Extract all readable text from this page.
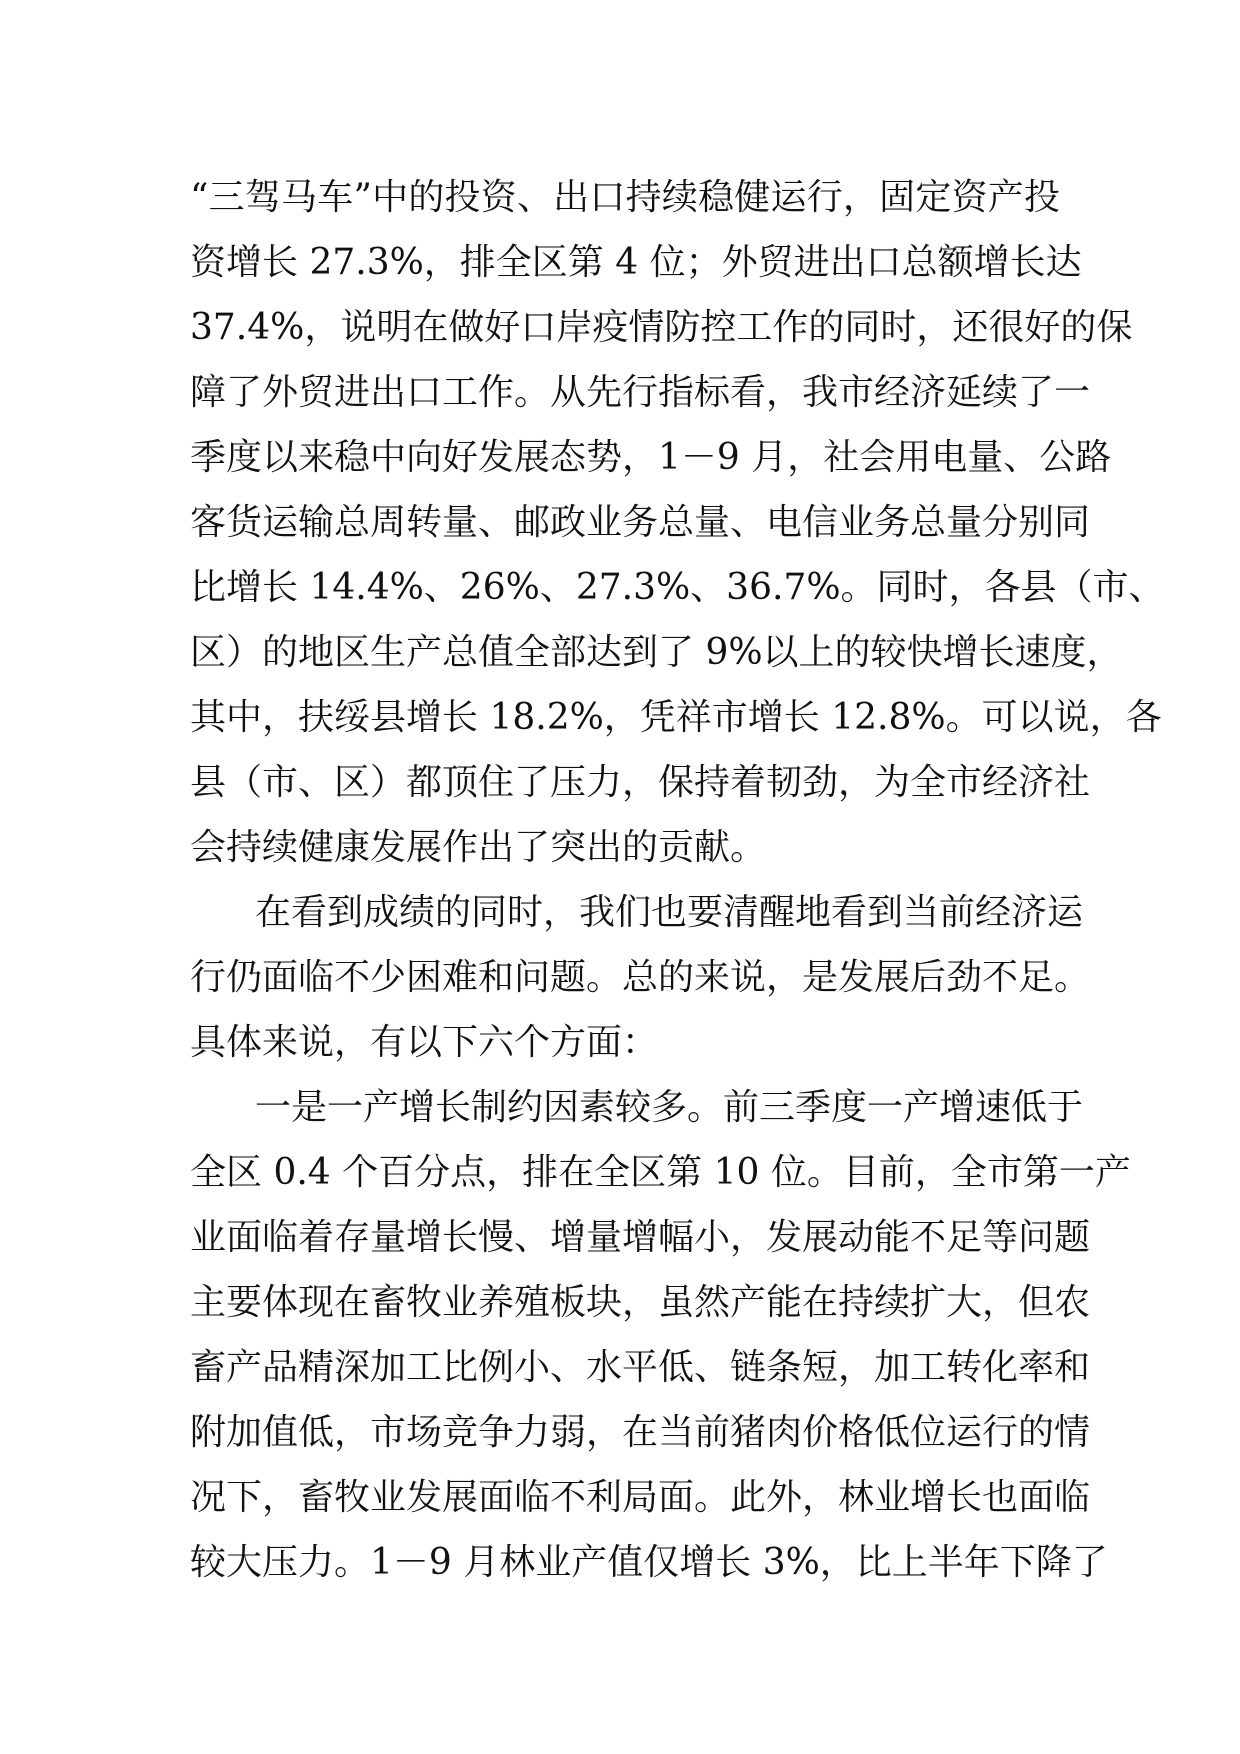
“三驾马车”中的投资、出口持续稳健运行，固定资产投
资增长 27.3%，排全区第 4 位；外贸进出口总额增长达
37.4%，说明在做好口岸疫情防控工作的同时，还很好的保
障了外贸进出口工作。从先行指标看，我市经济延续了一
季度以来稳中向好发展态势，1－9 月，社会用电量、公路
客货运输总周转量、邮政业务总量、电信业务总量分别同
比增长 14.4%、26%、27.3%、36.7%。同时，各县（市、
区）的地区生产总值全部达到了 9%以上的较快增长速度，
其中，扶绥县增长 18.2%，凭祥市增长 12.8%。可以说，各
县（市、区）都顶住了压力，保持着韧劲，为全市经济社
会持续健康发展作出了突出的贡献。
在看到成绩的同时，我们也要清醒地看到当前经济运
行仍面临不少困难和问题。总的来说，是发展后劲不足。
具体来说，有以下六个方面：
一是一产增长制约因素较多。前三季度一产增速低于
全区 0.4 个百分点，排在全区第 10 位。目前，全市第一产
业面临着存量增长慢、增量增幅小，发展动能不足等问题
主要体现在畜牧业养殖板块，虽然产能在持续扩大，但农
畜产品精深加工比例小、水平低、链条短，加工转化率和
附加值低，市场竞争力弱，在当前猪肉价格低位运行的情
况下，畜牧业发展面临不利局面。此外，林业增长也面临
较大压力。1－9 月林业产值仅增长 3%，比上半年下降了
